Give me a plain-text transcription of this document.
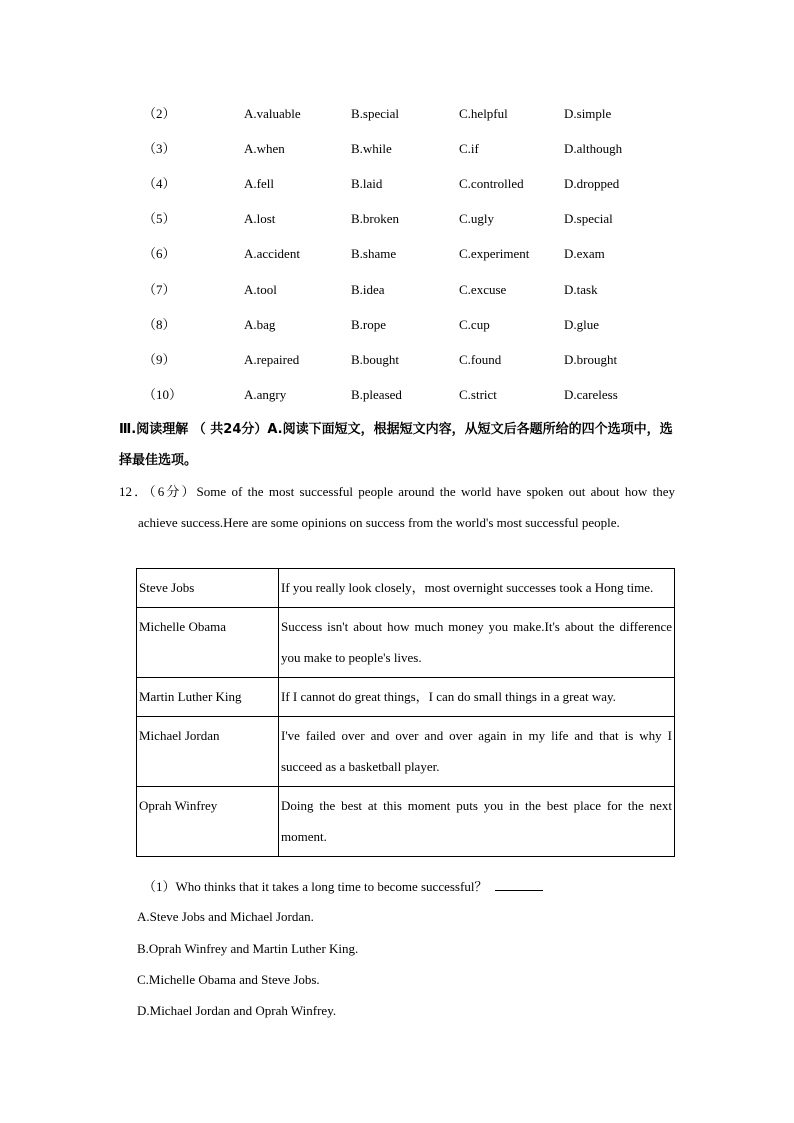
（2）	A.valuable	B.special	C.helpful	D.simple
（3）	A.when	B.while	C.if	D.although
（4）	A.fell	B.laid	C.controlled	D.dropped
（5）	A.lost	B.broken	C.ugly	D.special
（6）	A.accident	B.shame	C.experiment	D.exam
（7）	A.tool	B.idea	C.excuse	D.task
（8）	A.bag	B.rope	C.cup	D.glue
（9）	A.repaired	B.bought	C.found	D.brought
（10）	A.angry	B.pleased	C.strict	D.careless
Ⅲ.阅读理解 （ 共24分）A.阅读下面短文，根据短文内容，从短文后各题所给的四个选项中，选择最佳选项。
12．（6分）Some of the most successful people around the world have spoken out about how they achieve success.Here are some opinions on success from the world's most successful people.
Steve Jobs	If you really look closely，most overnight successes took a Hong time.
Michelle Obama	Success isn't about how much money you make.It's about the difference you make to people's lives.
Martin Luther King	If I cannot do great things，I can do small things in a great way.
Michael Jordan	I've failed over and over and over again in my life and that is why I succeed as a basketball player.
Oprah Winfrey	Doing the best at this moment puts you in the best place for the next moment.
（1）Who thinks that it takes a long time to become successful？
A.Steve Jobs and Michael Jordan.
B.Oprah Winfrey and Martin Luther King.
C.Michelle Obama and Steve Jobs.
D.Michael Jordan and Oprah Winfrey.
